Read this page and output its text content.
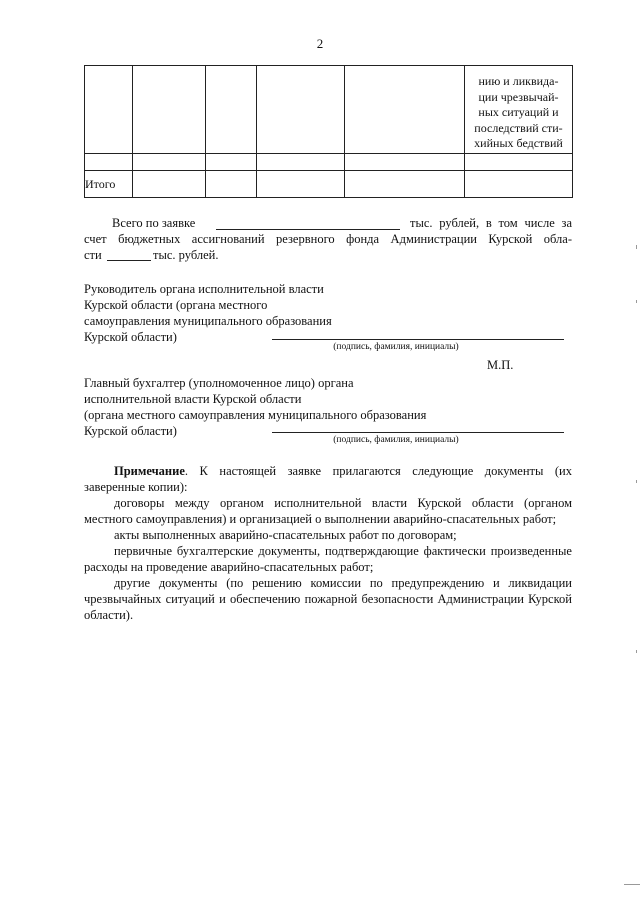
2

					нию и ликвида-
ции чрезвычай-
ных ситуаций и
последствий сти-
хийных бедствий

Итого					
Всего по заявке	тыс. рублей, в том числе за
счет бюджетных ассигнований резервного фонда Администрации Курской обла-
сти	тыс. рублей.
Руководитель органа исполнительной власти
Курской области (органа местного
самоуправления муниципального образования
Курской области)
(подпись, фамилия, инициалы)
М.П.
Главный бухгалтер (уполномоченное лицо) органа
исполнительной власти Курской области
(органа местного самоуправления муниципального образования
Курской области)
(подпись, фамилия, инициалы)

Примечание. К настоящей заявке прилагаются следующие документы (их заверенные копии):

договоры между органом исполнительной власти Курской области (органом местного самоуправления) и организацией о выполнении аварийно-спасательных работ;

акты выполненных аварийно-спасательных работ по договорам;

первичные бухгалтерские документы, подтверждающие фактически произведенные расходы на проведение аварийно-спасательных работ;

другие документы (по решению комиссии по предупреждению и ликвидации чрезвычайных ситуаций и обеспечению пожарной безопасности Администрации Курской области).
